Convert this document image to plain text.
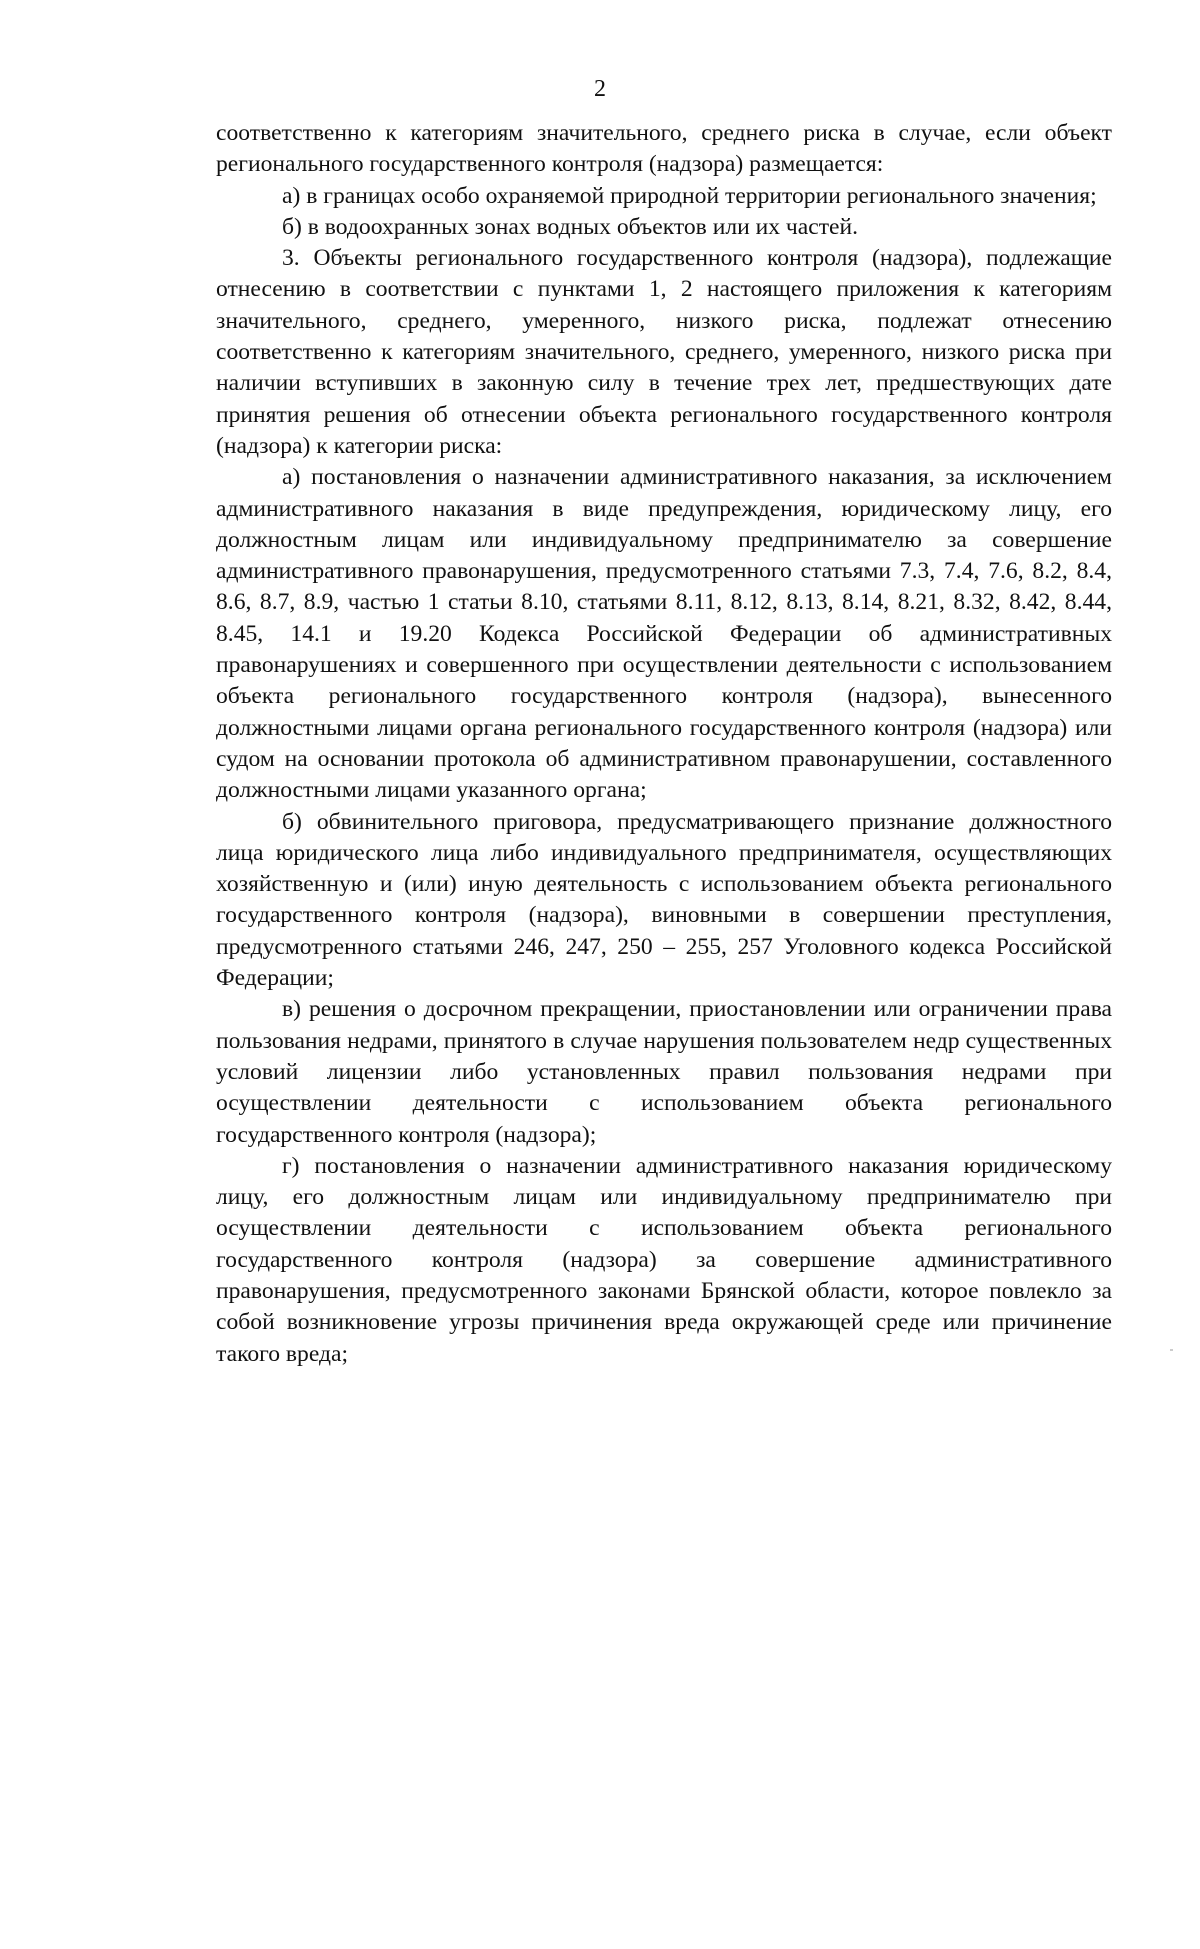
2

соответственно к категориям значительного, среднего риска в случае, если объект регионального государственного контроля (надзора) размещается:

а) в границах особо охраняемой природной территории регионального значения;

б) в водоохранных зонах водных объектов или их частей.

3. Объекты регионального государственного контроля (надзора), подлежащие отнесению в соответствии с пунктами 1, 2 настоящего приложения к категориям значительного, среднего, умеренного, низкого риска, подлежат отнесению соответственно к категориям значительного, среднего, умеренного, низкого риска при наличии вступивших в законную силу в течение трех лет, предшествующих дате принятия решения об отнесении объекта регионального государственного контроля (надзора) к категории риска:

а) постановления о назначении административного наказания, за исключением административного наказания в виде предупреждения, юридическому лицу, его должностным лицам или индивидуальному предпринимателю за совершение административного правонарушения, предусмотренного статьями 7.3, 7.4, 7.6, 8.2, 8.4, 8.6, 8.7, 8.9, частью 1 статьи 8.10, статьями 8.11, 8.12, 8.13, 8.14, 8.21, 8.32, 8.42, 8.44, 8.45, 14.1 и 19.20 Кодекса Российской Федерации об административных правонарушениях и совершенного при осуществлении деятельности с использованием объекта регионального государственного контроля (надзора), вынесенного должностными лицами органа регионального государственного контроля (надзора) или судом на основании протокола об административном правонарушении, составленного должностными лицами указанного органа;

б) обвинительного приговора, предусматривающего признание должностного лица юридического лица либо индивидуального предпринимателя, осуществляющих хозяйственную и (или) иную деятельность с использованием объекта регионального государственного контроля (надзора), виновными в совершении преступления, предусмотренного статьями 246, 247, 250 – 255, 257 Уголовного кодекса Российской Федерации;

в) решения о досрочном прекращении, приостановлении или ограничении права пользования недрами, принятого в случае нарушения пользователем недр существенных условий лицензии либо установленных правил пользования недрами при осуществлении деятельности с использованием объекта регионального государственного контроля (надзора);

г) постановления о назначении административного наказания юридическому лицу, его должностным лицам или индивидуальному предпринимателю при осуществлении деятельности с использованием объекта регионального государственного контроля (надзора) за совершение административного правонарушения, предусмотренного законами Брянской области, которое повлекло за собой возникновение угрозы причинения вреда окружающей среде или причинение такого вреда;
